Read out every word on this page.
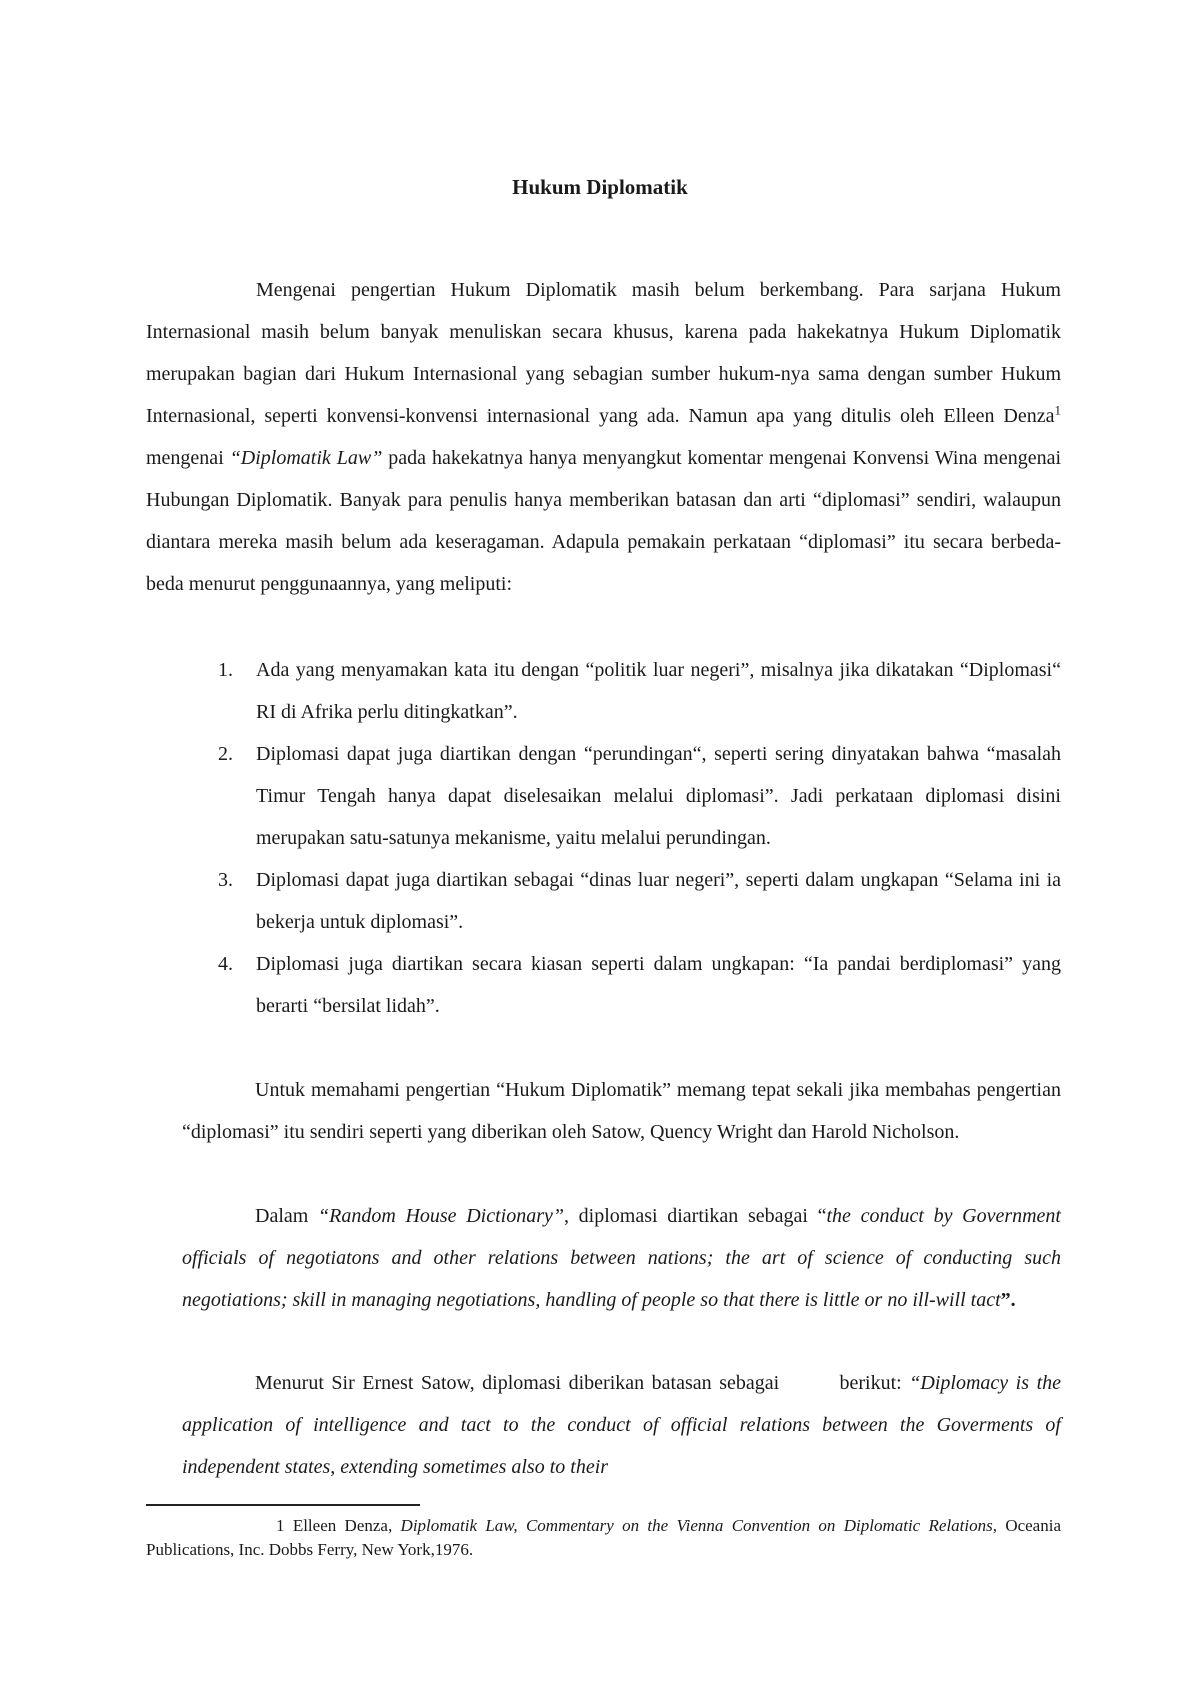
Hukum Diplomatik
Mengenai pengertian Hukum Diplomatik masih belum berkembang. Para sarjana Hukum Internasional masih belum banyak menuliskan secara khusus, karena pada hakekatnya Hukum Diplomatik merupakan bagian dari Hukum Internasional yang sebagian sumber hukum-nya sama dengan sumber Hukum Internasional, seperti konvensi-konvensi internasional yang ada. Namun apa yang ditulis oleh Elleen Denza$^1$ mengenai “Diplomatik Law” pada hakekatnya hanya menyangkut komentar mengenai Konvensi Wina mengenai Hubungan Diplomatik. Banyak para penulis hanya memberikan batasan dan arti “diplomasi” sendiri, walaupun diantara mereka masih belum ada keseragaman. Adapula pemakain perkataan “diplomasi” itu secara berbeda-beda menurut penggunaannya, yang meliputi:
1. Ada yang menyamakan kata itu dengan “politik luar negeri”, misalnya jika dikatakan “Diplomasi“ RI di Afrika perlu ditingkatkan”.
2. Diplomasi dapat juga diartikan dengan “perundingan“, seperti sering dinyatakan bahwa “masalah Timur Tengah hanya dapat diselesaikan melalui diplomasi”. Jadi perkataan diplomasi disini merupakan satu-satunya mekanisme, yaitu melalui perundingan.
3. Diplomasi dapat juga diartikan sebagai “dinas luar negeri”, seperti dalam ungkapan “Selama ini ia bekerja untuk diplomasi”.
4. Diplomasi juga diartikan secara kiasan seperti dalam ungkapan: “Ia pandai berdiplomasi” yang berarti “bersilat lidah”.
Untuk memahami pengertian “Hukum Diplomatik” memang tepat sekali jika membahas pengertian “diplomasi” itu sendiri seperti yang diberikan oleh Satow, Quency Wright dan Harold Nicholson.
Dalam “Random House Dictionary”, diplomasi diartikan sebagai “the conduct by Government officials of negotiatons and other relations between nations; the art of science of conducting such negotiations; skill in managing negotiations, handling of people so that there is little or no ill-will tact”.
Menurut Sir Ernest Satow, diplomasi diberikan batasan sebagai        berikut: “Diplomacy is the application of intelligence and tact to the conduct of official relations between the Goverments of independent states, extending sometimes also to their
1 Elleen Denza, Diplomatik Law, Commentary on the Vienna Convention on Diplomatic Relations, Oceania Publications, Inc. Dobbs Ferry, New York,1976.
